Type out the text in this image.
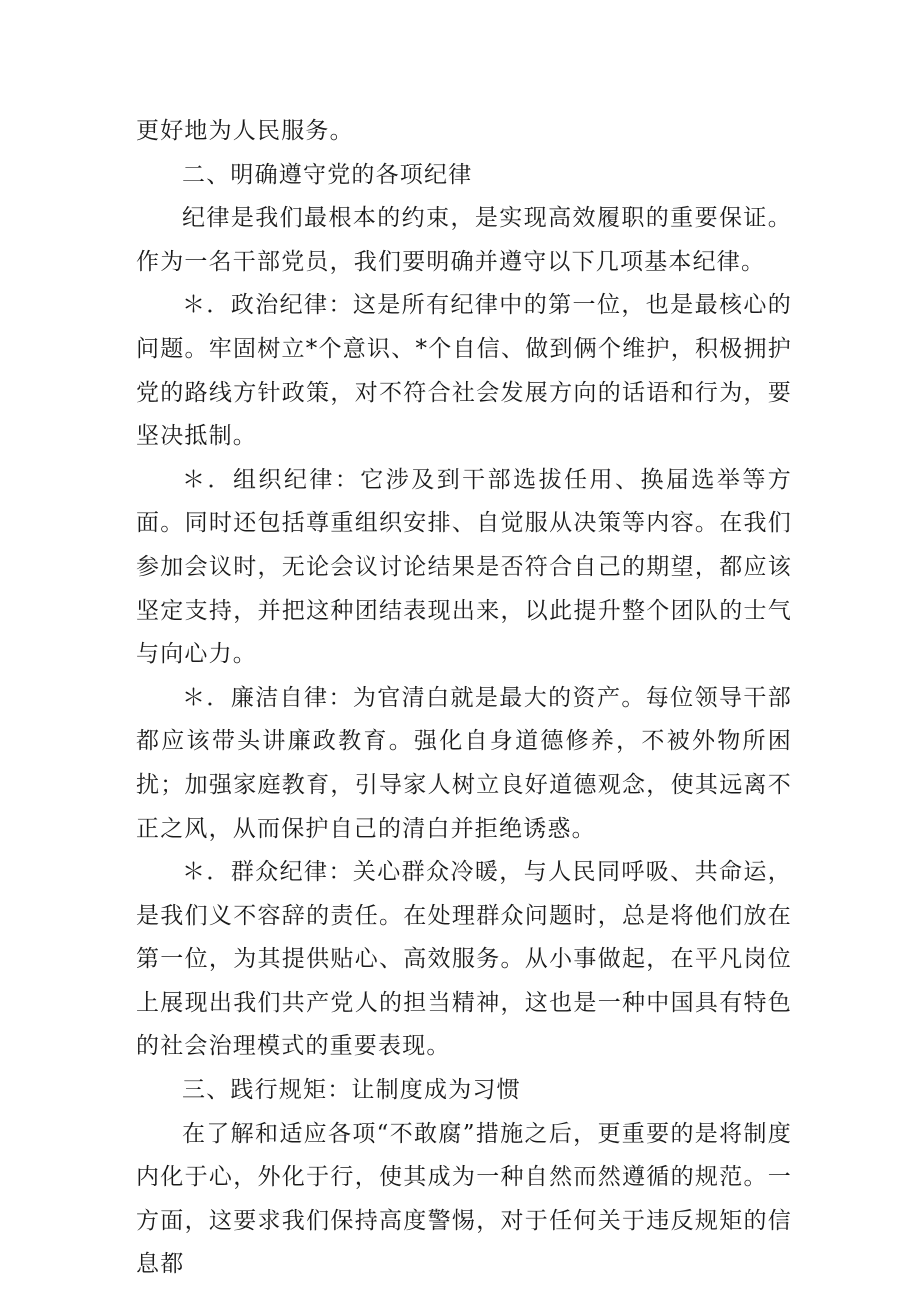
更好地为人民服务。

二、明确遵守党的各项纪律

纪律是我们最根本的约束，是实现高效履职的重要保证。作为一名干部党员，我们要明确并遵守以下几项基本纪律。

＊．政治纪律：这是所有纪律中的第一位，也是最核心的问题。牢固树立*个意识、*个自信、做到俩个维护，积极拥护党的路线方针政策，对不符合社会发展方向的话语和行为，要坚决抵制。

＊．组织纪律：它涉及到干部选拔任用、换届选举等方面。同时还包括尊重组织安排、自觉服从决策等内容。在我们参加会议时，无论会议讨论结果是否符合自己的期望，都应该坚定支持，并把这种团结表现出来，以此提升整个团队的士气与向心力。

＊．廉洁自律：为官清白就是最大的资产。每位领导干部都应该带头讲廉政教育。强化自身道德修养，不被外物所困扰；加强家庭教育，引导家人树立良好道德观念，使其远离不正之风，从而保护自己的清白并拒绝诱惑。

＊．群众纪律：关心群众冷暖，与人民同呼吸、共命运，是我们义不容辞的责任。在处理群众问题时，总是将他们放在第一位，为其提供贴心、高效服务。从小事做起，在平凡岗位上展现出我们共产党人的担当精神，这也是一种中国具有特色的社会治理模式的重要表现。

三、践行规矩：让制度成为习惯

在了解和适应各项“不敢腐”措施之后，更重要的是将制度内化于心，外化于行，使其成为一种自然而然遵循的规范。一方面，这要求我们保持高度警惕，对于任何关于违反规矩的信息都
